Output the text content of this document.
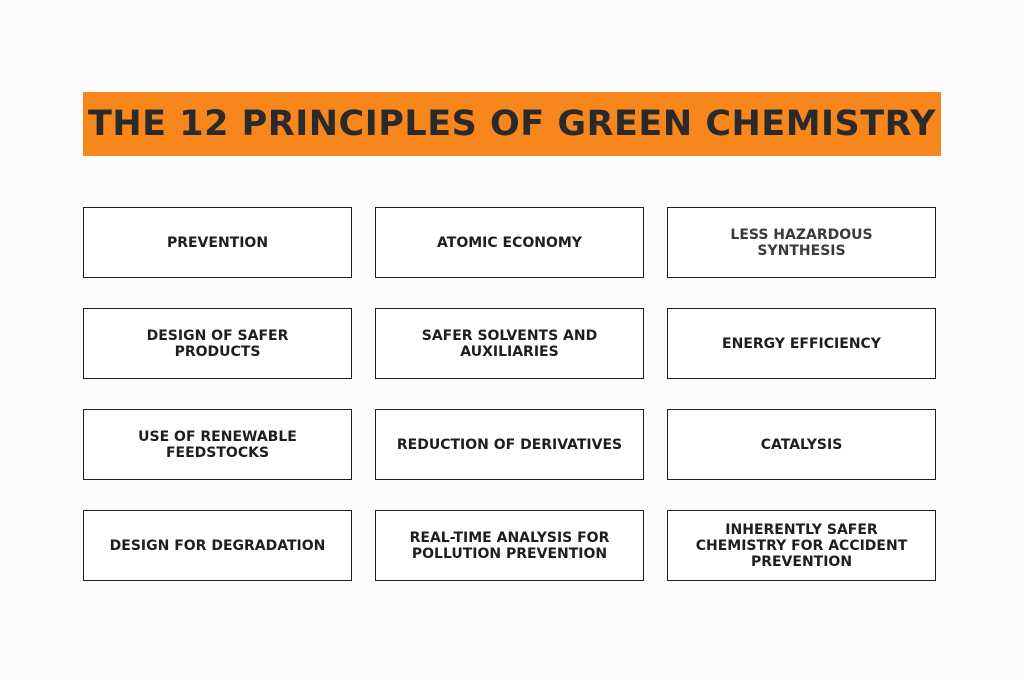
THE 12 PRINCIPLES OF GREEN CHEMISTRY
PREVENTION	ATOMIC ECONOMY	LESS HAZARDOUS SYNTHESIS
DESIGN OF SAFER PRODUCTS
SAFER SOLVENTS AND AUXILIARIES	ENERGY EFFICIENCY
USE OF RENEWABLE FEEDSTOCKS	REDUCTION OF DERIVATIVES	CATALYSIS
DESIGN FOR DEGRADATION	REAL-TIME ANALYSIS FOR POLLUTION PREVENTION
INHERENTLY SAFER CHEMISTRY FOR ACCIDENT PREVENTION
